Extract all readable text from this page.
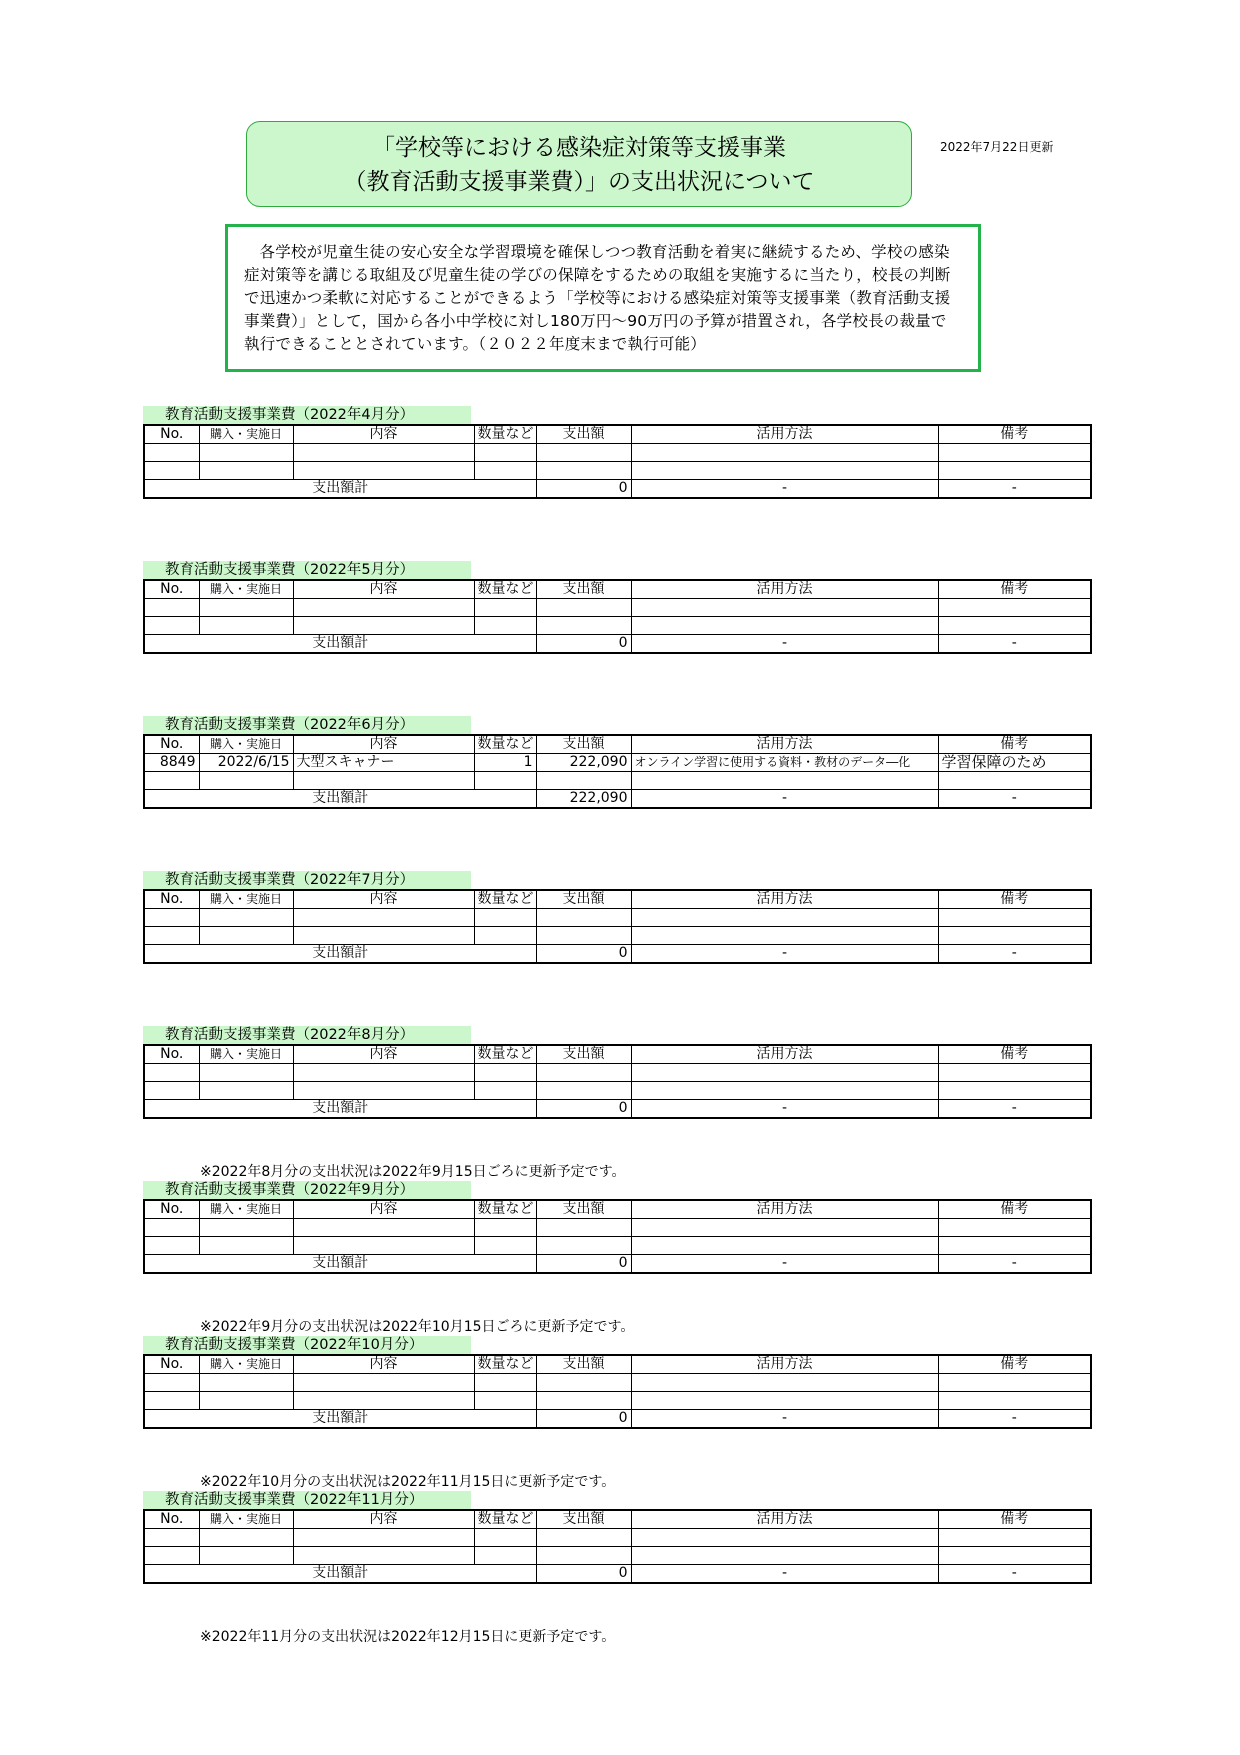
「学校等における感染症対策等支援事業
（教育活動支援事業費）」の支出状況について
2022年7月22日更新

各学校が児童生徒の安心安全な学習環境を確保しつつ教育活動を着実に継続するため、学校の感染症対策等を講じる取組及び児童生徒の学びの保障をするための取組を実施するに当たり，校長の判断で迅速かつ柔軟に対応することができるよう「学校等における感染症対策等支援事業（教育活動支援事業費）」として，国から各小中学校に対し180万円～90万円の予算が措置され，各学校長の裁量で執行できることとされています。（２０２２年度末まで執行可能）

教育活動支援事業費（2022年4月分）
No.	購入・実施日	内容	数量など	支出額	活用方法	備考

支出額計				0	-	-
教育活動支援事業費（2022年5月分）
No.	購入・実施日	内容	数量など	支出額	活用方法	備考

支出額計				0	-	-
教育活動支援事業費（2022年6月分）
No.	購入・実施日	内容	数量など	支出額	活用方法	備考
8849	2022/6/15	大型スキャナー	1	222,090	オンライン学習に使用する資料・教材のデータ―化	学習保障のため

支出額計				222,090	-	-
教育活動支援事業費（2022年7月分）
No.	購入・実施日	内容	数量など	支出額	活用方法	備考

支出額計				0	-	-
教育活動支援事業費（2022年8月分）
No.	購入・実施日	内容	数量など	支出額	活用方法	備考

支出額計				0	-	-
※2022年8月分の支出状況は2022年9月15日ごろに更新予定です。
教育活動支援事業費（2022年9月分）
No.	購入・実施日	内容	数量など	支出額	活用方法	備考

支出額計				0	-	-
※2022年9月分の支出状況は2022年10月15日ごろに更新予定です。
教育活動支援事業費（2022年10月分）
No.	購入・実施日	内容	数量など	支出額	活用方法	備考

支出額計				0	-	-
※2022年10月分の支出状況は2022年11月15日に更新予定です。
教育活動支援事業費（2022年11月分）
No.	購入・実施日	内容	数量など	支出額	活用方法	備考

支出額計				0	-	-
※2022年11月分の支出状況は2022年12月15日に更新予定です。
